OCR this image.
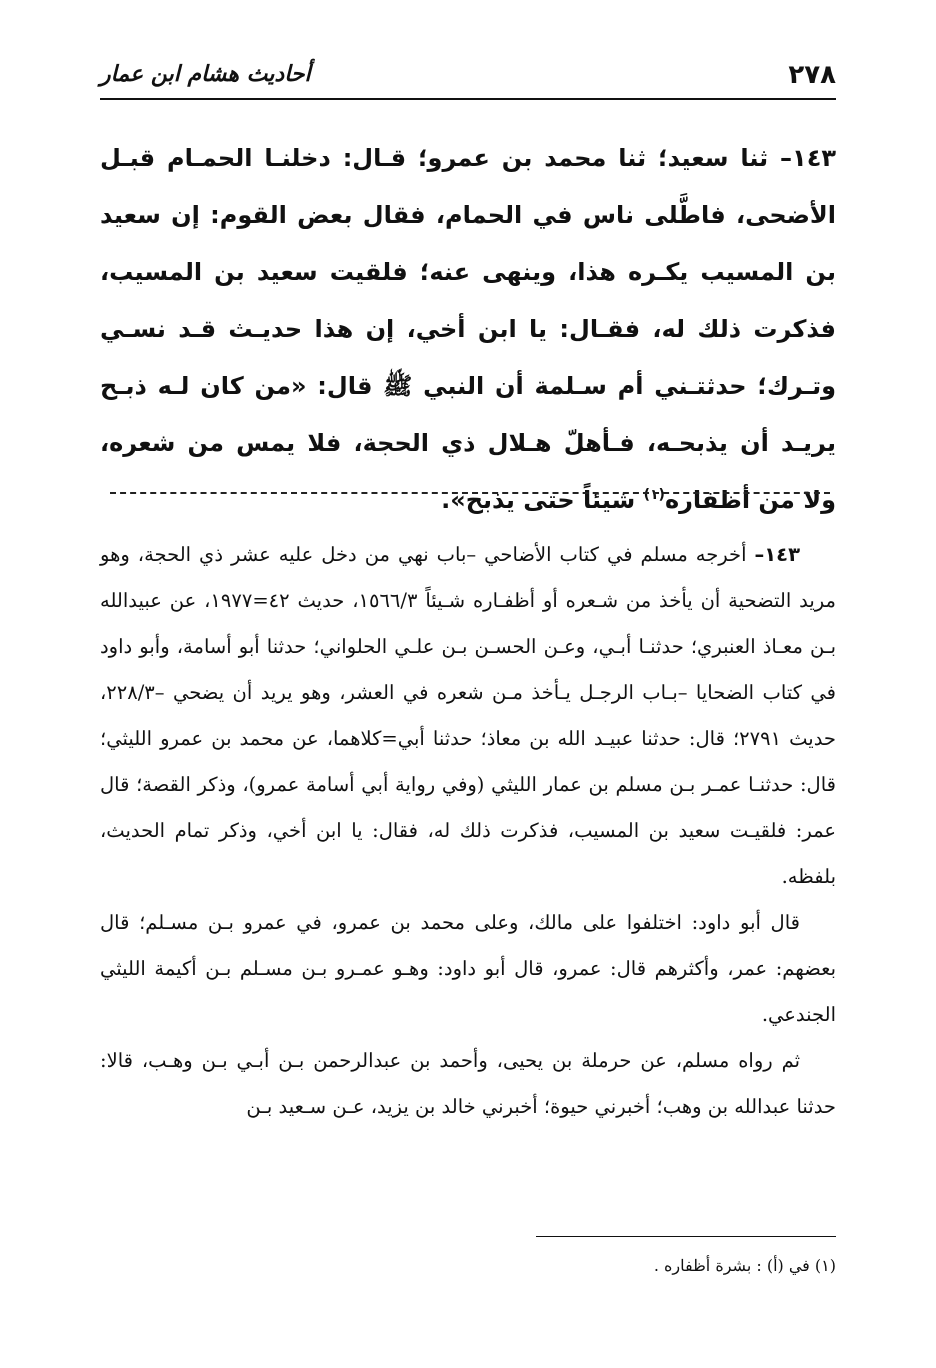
٢٧٨
أحاديث هشام ابن عمار
١٤٣– ثنا سعيد؛ ثنا محمد بن عمرو؛ قـال: دخلنـا الحمـام قبـل الأضحى، فاطَّلى ناس في الحمام، فقال بعض القوم: إن سعيد بن المسيب يكـره هذا، وينهى عنه؛ فلقيت سعيد بن المسيب، فذكرت ذلك له، فقـال: يا ابن أخي، إن هذا حديـث قـد نسـي وتـرك؛ حدثتـني أم سـلمة أن النبي ﷺ قال: «من كان لـه ذبـح يريـد أن يذبحـه، فـأهلّ هـلال ذي الحجة، فلا يمس من شعره، ولا من أظفاره$^{(١)}$ شيئاً حتى يذبح».

١٤٣– أخرجه مسلم في كتاب الأضاحي –باب نهي من دخل عليه عشر ذي الحجة، وهو مريد التضحية أن يأخذ من شـعره أو أظفـاره شـيئاً ١٥٦٦/٣، حديث ٤٢=١٩٧٧، عن عبيدالله بـن معـاذ العنبري؛ حدثنـا أبـي، وعـن الحسـن بـن علـي الحلواني؛ حدثنا أبو أسامة، وأبو داود في كتاب الضحايا –بـاب الرجـل يـأخذ مـن شعره في العشر، وهو يريد أن يضحي –٢٢٨/٣، حديث ٢٧٩١؛ قال: حدثنا عبيـد الله بن معاذ؛ حدثنا أبي=كلاهما، عن محمد بن عمرو الليثي؛ قال: حدثنـا عمـر بـن مسلم بن عمار الليثي (وفي رواية أبي أسامة عمرو)، وذكر القصة؛ قال عمر: فلقيـت سعيد بن المسيب، فذكرت ذلك له، فقال: يا ابن أخي، وذكر تمام الحديث، بلفظه.

قال أبو داود: اختلفوا على مالك، وعلى محمد بن عمرو، في عمرو بـن مسـلم؛ قال بعضهم: عمر، وأكثرهم قال: عمرو، قال أبو داود: وهـو عمـرو بـن مسـلم بـن أكيمة الليثي الجندعي.

ثم رواه مسلم، عن حرملة بن يحيى، وأحمد بن عبدالرحمن بـن أبـي بـن وهـب، قالا: حدثنا عبدالله بن وهب؛ أخبرني حيوة؛ أخبرني خالد بن يزيد، عـن سـعيد بـن

(١) في (أ) : بشرة أظفاره .
